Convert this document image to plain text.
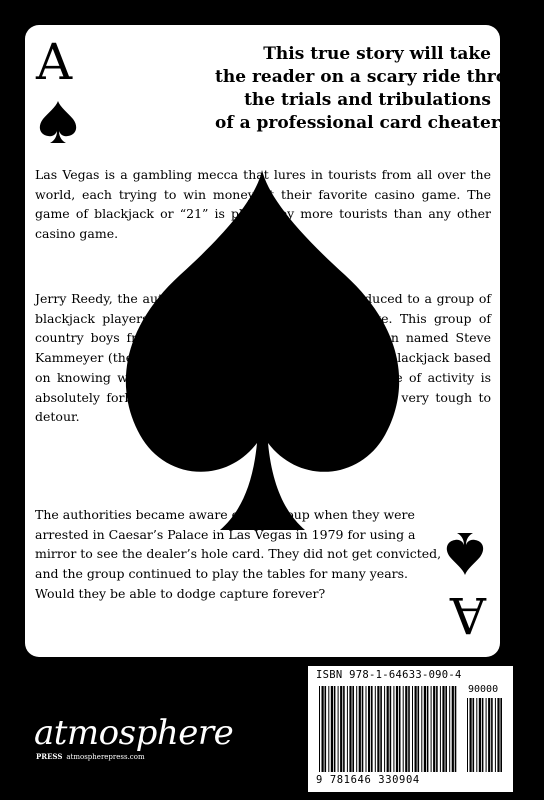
A
A
This true story will take
the reader on a scary ride through
the trials and tribulations
of a professional card cheater.
Las Vegas is a gambling mecca that lures in tourists from all over the world, each trying to win money at their favorite casino game. The game of blackjack or “21” is played by more tourists than any other casino game.
Jerry Reedy, the author of this true story, was introduced to a group of blackjack players shortly after he got out of college. This group of country boys from the northwest was led by one man named Steve Kammeyer (the Boss). The Boss developed a system in blackjack based on knowing what the dealer’s hole card was. This type of activity is absolutely forbidden in Las Vegas, but this group was very tough to detour.
The authorities became aware of the group when they were arrested in Caesar’s Palace in Las Vegas in 1979 for using a mirror to see the dealer’s hole card. They did not get convicted, and the group continued to play the tables for many years. Would they be able to dodge capture forever?
ISBN 978-1-64633-090-4
90000
9 781646 330904
atmosphere
PRESS atmospherepress.com
